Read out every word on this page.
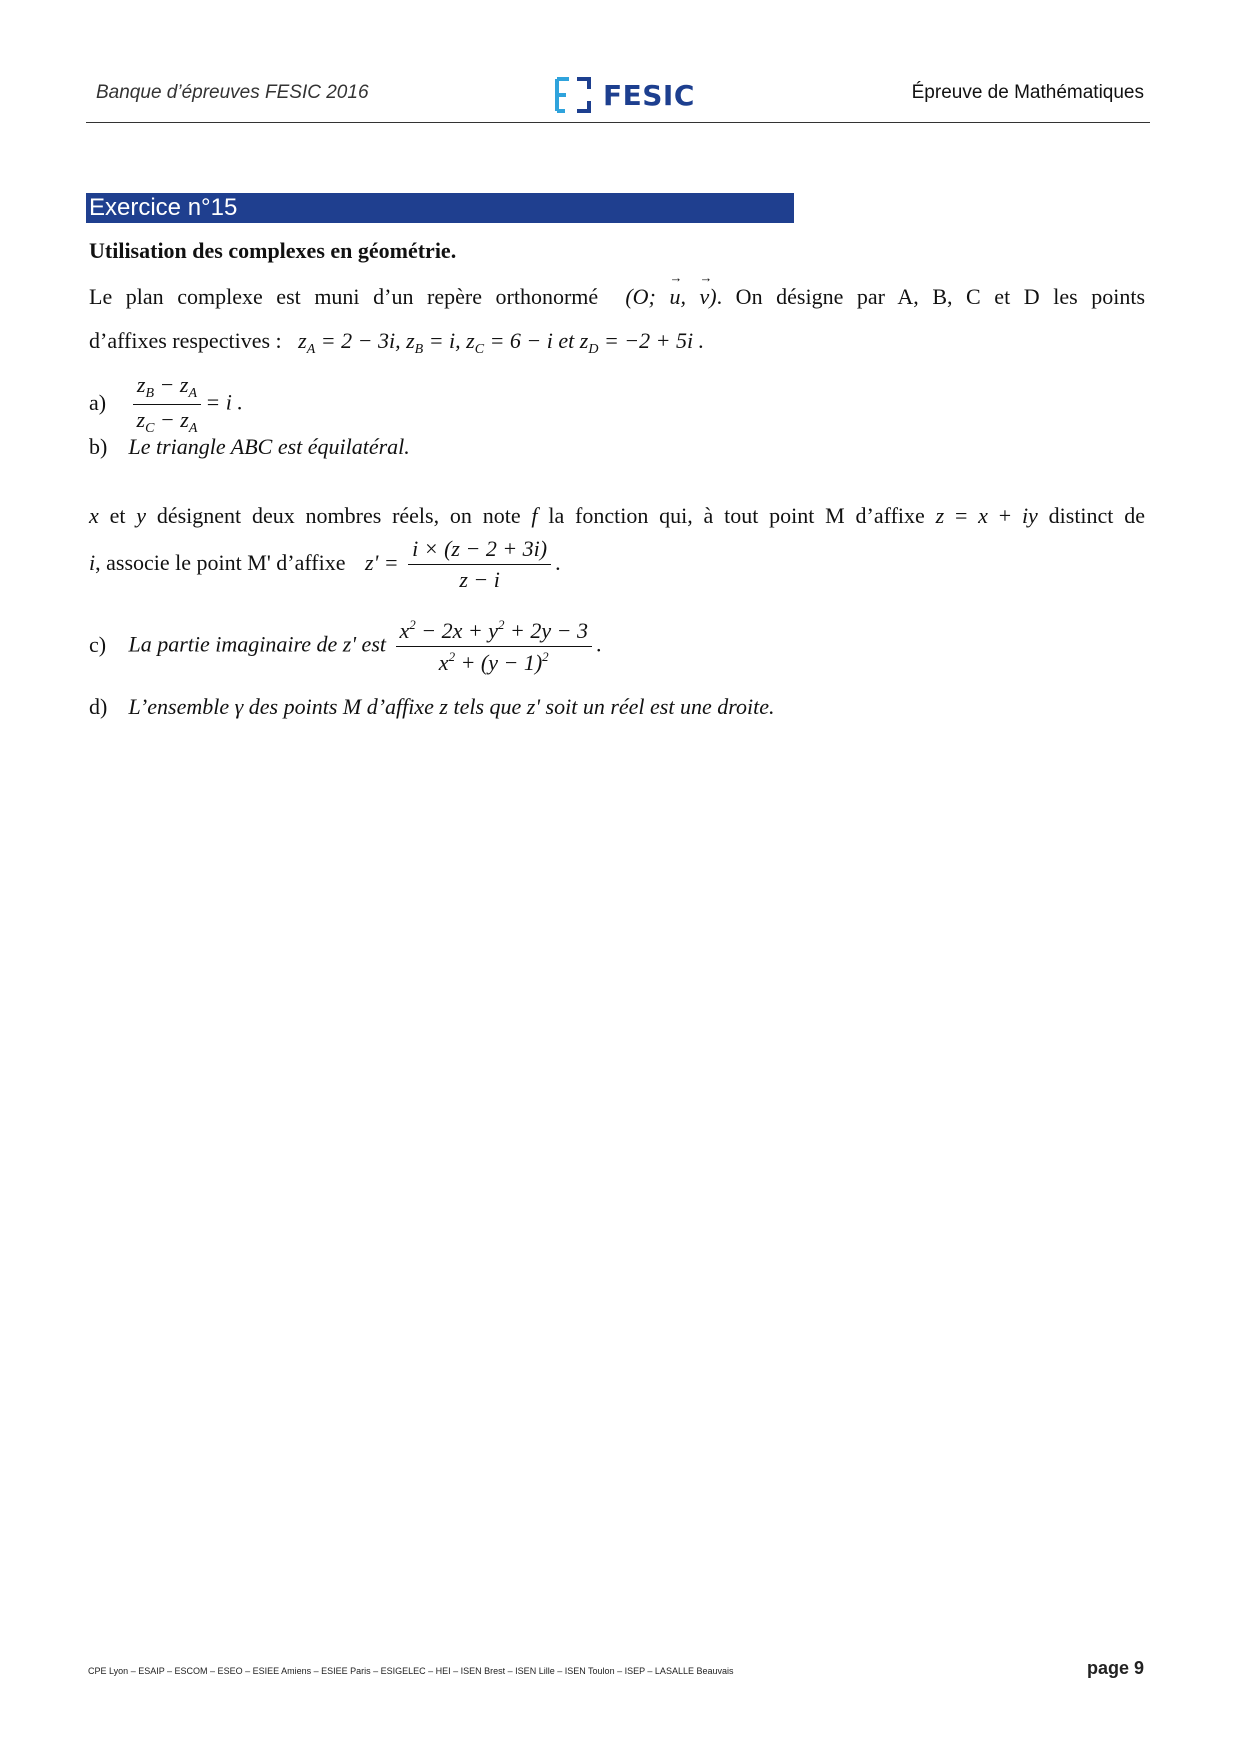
Banque d’épreuves FESIC 2016	FESIC	Épreuve de Mathématiques
Exercice n°15
Utilisation des complexes en géométrie.
Le plan complexe est muni d’un repère orthonormé  (O; → u, → v). On désigne par A, B, C et D les points
d’affixes respectives :   $z_A = 2 - 3i$, $z_B = i$, $z_C = 6 - i$ et $z_D = -2 + 5i$ .
$a) \frac{z_B - z_A}{z_C - z_A} = i$ .
b) Le triangle ABC est équilatéral.
x et y désignent deux nombres réels, on note f la fonction qui, à tout point M d’affixe z = x + iy distinct de
i, associe le point M' d’affixe $z' = \frac{i \times (z - 2 + 3i)}{z - i}$ .
c) La partie imaginaire de z' est $\frac{x^2 - 2x + y^2 + 2y - 3}{x^2 + (y - 1)^2}$ .
d) L’ensemble γ des points M d’affixe z tels que z' soit un réel est une droite.
CPE Lyon – ESAIP – ESCOM – ESEO – ESIEE Amiens – ESIEE Paris – ESIGELEC – HEI – ISEN Brest – ISEN Lille – ISEN Toulon – ISEP – LASALLE Beauvais	page 9
